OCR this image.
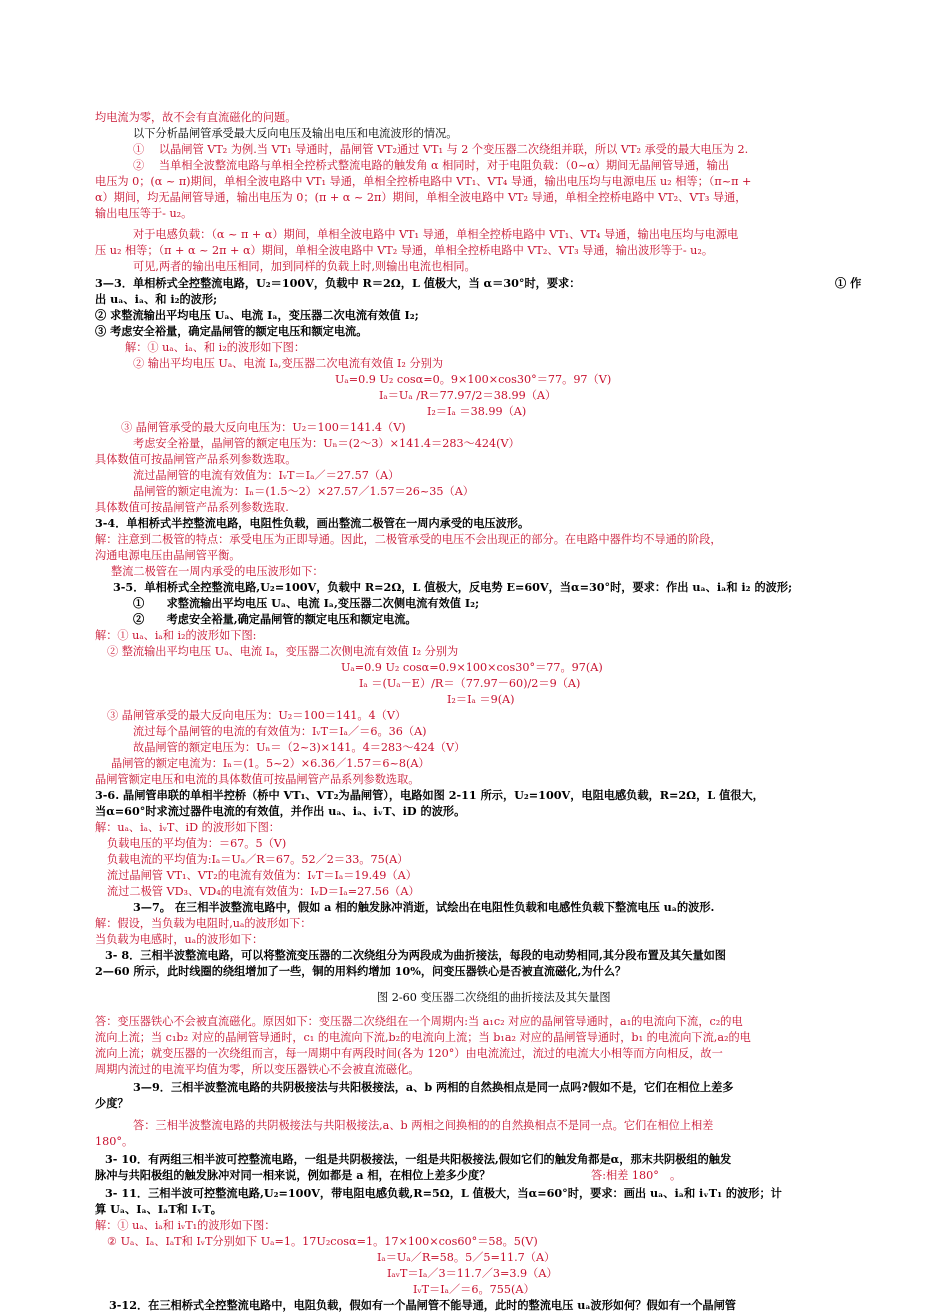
均电流为零，故不会有直流磁化的问题。
以下分析晶闸管承受最大反向电压及输出电压和电流波形的情况。
①　 以晶闸管 VT₂ 为例.当 VT₁ 导通时，晶闸管 VT₂通过 VT₁ 与 2 个变压器二次绕组并联，所以 VT₂ 承受的最大电压为 2.
②　 当单相全波整流电路与单相全控桥式整流电路的触发角 α 相同时，对于电阻负载：（0~α）期间无晶闸管导通，输出
电压为 0；(α ~ π)期间，单相全波电路中 VT₁ 导通，单相全控桥电路中 VT₁、VT₄ 导通，输出电压均与电源电压 u₂ 相等；（π~π +
α）期间，均无晶闸管导通，输出电压为 0；(π + α ~ 2π）期间，单相全波电路中 VT₂ 导通，单相全控桥电路中 VT₂、VT₃ 导通，
输出电压等于- u₂。
对于电感负载：（α ~ π + α）期间，单相全波电路中 VT₁ 导通，单相全控桥电路中 VT₁、VT₄ 导通，输出电压均与电源电
压 u₂ 相等；（π + α ~ 2π + α）期间，单相全波电路中 VT₂ 导通，单相全控桥电路中 VT₂、VT₃ 导通，输出波形等于- u₂。
可见,两者的输出电压相同，加到同样的负载上时,则输出电流也相同。
3—3．单相桥式全控整流电路，U₂＝100V，负载中 R＝2Ω，L 值极大，当 α＝30°时，要求：	① 作
出 uₐ、iₐ、和 i₂的波形;
② 求整流输出平均电压 Uₐ、电流 Iₐ，变压器二次电流有效值 I₂;
③ 考虑安全裕量，确定晶闸管的额定电压和额定电流。
解：① uₐ、iₐ、和 i₂的波形如下图：
② 输出平均电压 Uₐ、电流 Iₐ,变压器二次电流有效值 I₂ 分别为
Uₐ=0.9 U₂ cosα=0。9×100×cos30°＝77。97（V)
Iₐ＝Uₐ /R＝77.97/2＝38.99（A）
I₂＝Iₐ ＝38.99（A)
③ 晶闸管承受的最大反向电压为：U₂＝100＝141.4（V)
考虑安全裕量，晶闸管的额定电压为：Uₙ＝(2～3）×141.4＝283～424(V）
具体数值可按晶闸管产品系列参数选取。
流过晶闸管的电流有效值为：IᵥT＝Iₐ／＝27.57（A）
晶闸管的额定电流为：Iₙ＝(1.5～2）×27.57／1.57＝26~35（A）
具体数值可按晶闸管产品系列参数选取.
3-4．单相桥式半控整流电路，电阻性负载，画出整流二极管在一周内承受的电压波形。
解：注意到二极管的特点：承受电压为正即导通。因此，二极管承受的电压不会出现正的部分。在电路中器件均不导通的阶段，
沟通电源电压由晶闸管平衡。
整流二极管在一周内承受的电压波形如下：
3-5．单相桥式全控整流电路,U₂=100V，负载中 R=2Ω，L 值极大，反电势 E=60V，当α=30°时，要求：作出 uₐ、iₐ和 i₂ 的波形;
①　　求整流输出平均电压 Uₐ、电流 Iₐ,变压器二次侧电流有效值 I₂;
②　　考虑安全裕量,确定晶闸管的额定电压和额定电流。
解：① uₐ、iₐ和 i₂的波形如下图:
② 整流输出平均电压 Uₐ、电流 Iₐ，变压器二次侧电流有效值 I₂ 分别为
Uₐ=0.9 U₂ cosα=0.9×100×cos30°＝77。97(A)
Iₐ ＝(Uₐ－E）/R＝（77.97－60)/2＝9（A)
I₂＝Iₐ ＝9(A)
③ 晶闸管承受的最大反向电压为：U₂＝100＝141。4（V）
流过每个晶闸管的电流的有效值为：IᵥT＝Iₐ／＝6。36（A)
故晶闸管的额定电压为：Uₙ＝（2~3)×141。4＝283～424（V）
晶闸管的额定电流为：Iₙ＝(1。5~2）×6.36／1.57＝6~8(A）
晶闸管额定电压和电流的具体数值可按晶闸管产品系列参数选取。
3-6. 晶闸管串联的单相半控桥（桥中 VT₁、VT₂为晶闸管），电路如图 2-11 所示，U₂=100V，电阻电感负载，R=2Ω，L 值很大，
当α=60°时求流过器件电流的有效值，并作出 uₐ、iₐ、iᵥT、iD 的波形。
解：uₐ、iₐ、iᵥT、iD 的波形如下图：
负载电压的平均值为：＝67。5（V)
负载电流的平均值为:Iₐ＝Uₐ／R＝67。52／2＝33。75(A）
流过晶闸管 VT₁、VT₂的电流有效值为：IᵥT＝Iₐ＝19.49（A）
流过二极管 VD₃、VD₄的电流有效值为：IᵥD＝Iₐ=27.56（A）
3—7。 在三相半波整流电路中，假如 a 相的触发脉冲消逝，试绘出在电阻性负载和电感性负载下整流电压 uₐ的波形.
解：假设，当负载为电阻时,uₐ的波形如下：
当负载为电感时，uₐ的波形如下：
3- 8．三相半波整流电路，可以将整流变压器的二次绕组分为两段成为曲折接法，每段的电动势相同,其分段布置及其矢量如图
2—60 所示，此时线圈的绕组增加了一些，铜的用料约增加 10%，问变压器铁心是否被直流磁化,为什么？
图 2-60 变压器二次绕组的曲折接法及其矢量图
答：变压器铁心不会被直流磁化。原因如下：变压器二次绕组在一个周期内:当 a₁c₂ 对应的晶闸管导通时，a₁的电流向下流，c₂的电
流向上流；当 c₁b₂ 对应的晶闸管导通时，c₁ 的电流向下流,b₂的电流向上流；当 b₁a₂ 对应的晶闸管导通时，b₁ 的电流向下流,a₂的电
流向上流；就变压器的一次绕组而言，每一周期中有两段时间(各为 120°）由电流流过，流过的电流大小相等而方向相反，故一
周期内流过的电流平均值为零，所以变压器铁心不会被直流磁化。
3—9．三相半波整流电路的共阴极接法与共阳极接法，a、b 两相的自然换相点是同一点吗?假如不是，它们在相位上差多
少度？
答：三相半波整流电路的共阴极接法与共阳极接法,a、b 两相之间换相的的自然换相点不是同一点。它们在相位上相差
180°。
3- 10．有两组三相半波可控整流电路，一组是共阴极接法，一组是共阳极接法,假如它们的触发角都是α，那末共阴极组的触发
脉冲与共阳极组的触发脉冲对同一相来说，例如都是 a 相，在相位上差多少度？	答:相差 180°　。
3- 11．三相半波可控整流电路,U₂=100V，带电阻电感负载,R=5Ω，L 值极大，当α=60°时，要求：画出 uₐ、iₐ和 iᵥT₁ 的波形；计
算 Uₐ、Iₐ、IₐT和 IᵥT。
解：① uₐ、iₐ和 iᵥT₁的波形如下图：
② Uₐ、Iₐ、IₐT和 IᵥT分别如下 Uₐ=1。17U₂cosα=1。17×100×cos60°＝58。5(V)
Iₐ＝Uₐ／R=58。5／5=11.7（A）
IₐᵥT＝Iₐ／3＝11.7／3=3.9（A）
IᵥT＝Iₐ／＝6。755(A）
3-12．在三相桥式全控整流电路中，电阻负载，假如有一个晶闸管不能导通，此时的整流电压 uₐ波形如何？假如有一个晶闸管
